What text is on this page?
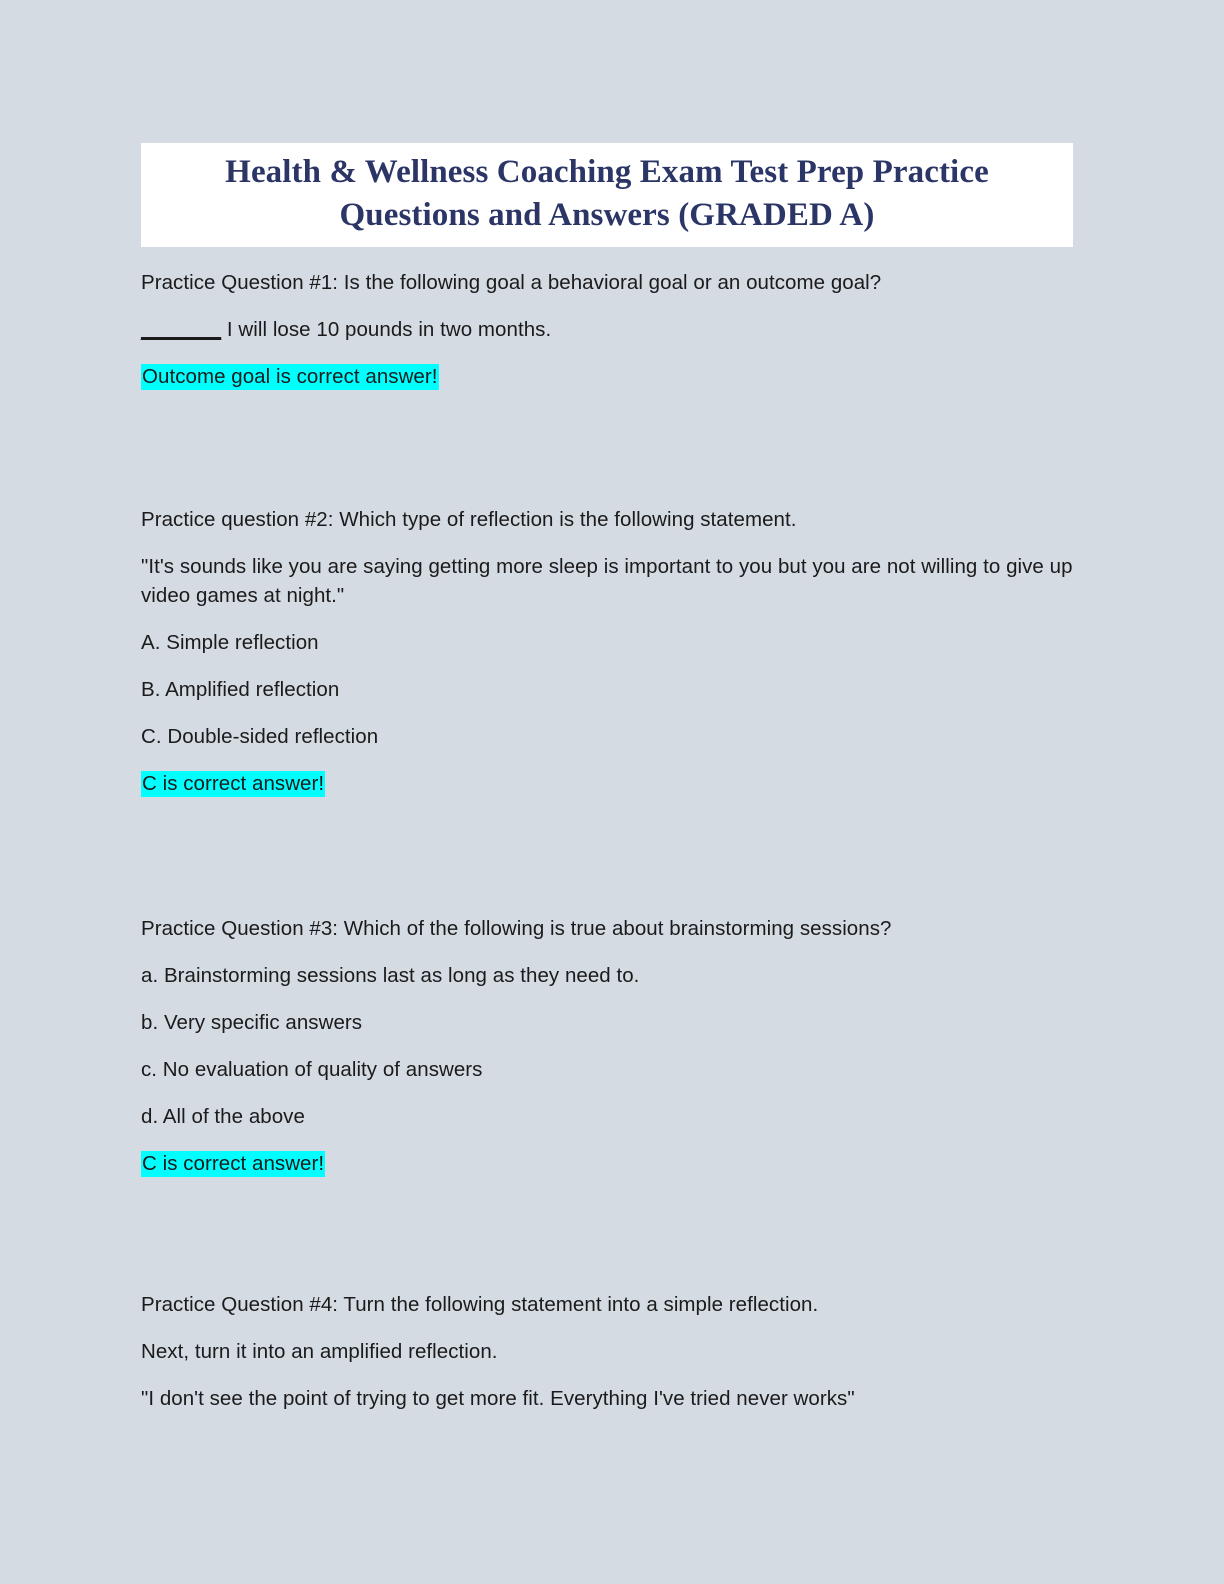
Health & Wellness Coaching Exam Test Prep Practice
Questions and Answers (GRADED A)

Practice Question #1: Is the following goal a behavioral goal or an outcome goal?

_______ I will lose 10 pounds in two months.

Outcome goal is correct answer!

Practice question #2: Which type of reflection is the following statement.

"It's sounds like you are saying getting more sleep is important to you but you are not willing to give up video games at night."

A. Simple reflection

B. Amplified reflection

C. Double-sided reflection

C is correct answer!

Practice Question #3: Which of the following is true about brainstorming sessions?

a. Brainstorming sessions last as long as they need to.

b. Very specific answers

c. No evaluation of quality of answers

d. All of the above

C is correct answer!

Practice Question #4: Turn the following statement into a simple reflection.

Next, turn it into an amplified reflection.

"I don't see the point of trying to get more fit. Everything I've tried never works"
